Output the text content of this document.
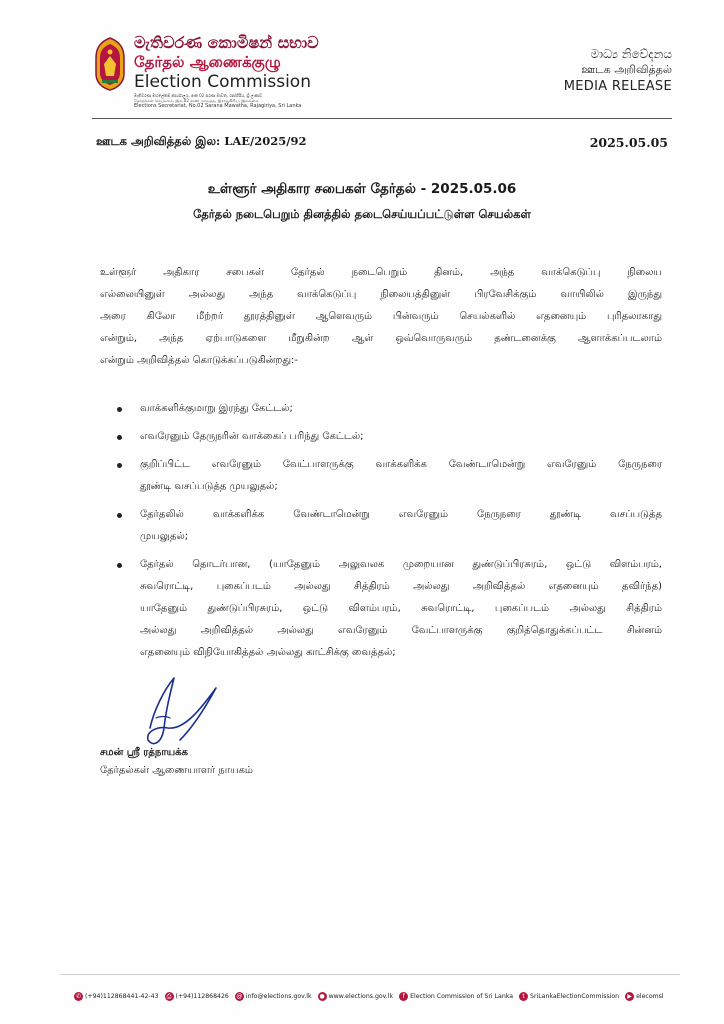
මැතිවරණ කොමිෂන් සභාව
தேர்தல் ஆணைக்குழு
Election Commission
මැතිවරණ මහලේකම් කාර්යාලය, අංක 02 සරණ මාවත, රාජගිරිය, ශ්‍රී ලංකාව
தேர்தல்கள் செயலகம், இல.02 சரண மாவத்த, இராஜகிரிய, இலங்கை
Elections Secretariat, No.02 Sarana Mawatha, Rajagiriya, Sri Lanka
මාධ්‍ය නිවේදනය
ஊடக அறிவித்தல்
MEDIA RELEASE
ஊடக அறிவித்தல் இல: LAE/2025/92	2025.05.05
உள்ளூர் அதிகார சபைகள் தேர்தல் - 2025.05.06
தேர்தல் நடைபெறும் தினத்தில் தடைசெய்யப்பட்டுள்ள செயல்கள்
உள்ளூர் அதிகார சபைகள் தேர்தல் நடைபெறும் தினம், அந்த வாக்கெடுப்பு நிலைய
எல்லையினுள் அல்லது அந்த வாக்கெடுப்பு நிலையத்தினுள் பிரவேசிக்கும் வாயிலில் இருந்து
அரை கிலோ மீற்றர் தூரத்தினுள் ஆளெவரும் பின்வரும் செயல்களில் எதனையும் புரிதலாகாது
என்றும், அந்த ஏற்பாடுகளை மீறுகின்ற ஆள் ஒவ்வொருவரும் தண்டனைக்கு ஆளாக்கப்படலாம்
என்றும் அறிவித்தல் கொடுக்கப்படுகின்றது:-
வாக்களிக்குமாறு இரந்து கேட்டல்;
எவரேனும் தேருநரின் வாக்கைப் பரிந்து கேட்டல்;
குறிப்பிட்ட எவரேனும் வேட்பாளருக்கு வாக்களிக்க வேண்டாமென்று எவரேனும் நேருநரை
தூண்டி வசப்படுத்த முயலுதல்;
தேர்தலில் வாக்களிக்க வேண்டாமென்று எவரேனும் நேருநரை தூண்டி வசப்படுத்த
முயலுதல்;
தேர்தல் தொடர்பான, (யாதேனும் அலுவலக முறையான துண்டுப்பிரசுரம், ஒட்டு விளம்பரம்,
சுவரொட்டி, புகைப்படம் அல்லது சித்திரம் அல்லது அறிவித்தல் எதனையும் தவிர்ந்த)
யாதேனும் துண்டுப்பிரசுரம், ஒட்டு விளம்பரம், சுவரொட்டி, புகைப்படம் அல்லது சித்திரம்
அல்லது அறிவித்தல் அல்லது எவரேனும் வேட்பாளருக்கு குறித்தொதுக்கப்பட்ட சின்னம்
எதனையும் விநியோகித்தல் அல்லது காட்சிக்கு வைத்தல்;
சமன் ஸ்ரீ ரத்நாயக்க
தேர்தல்கள் ஆணையாளர் நாயகம்
✆ (+94)112868441-42-43	⎙ (+94)112868426 @ info@elections.gov.lk	● www.elections.gov.lk	f Election Commission of Sri Lanka	t SriLankaElectionCommission	▶ elecomsl
